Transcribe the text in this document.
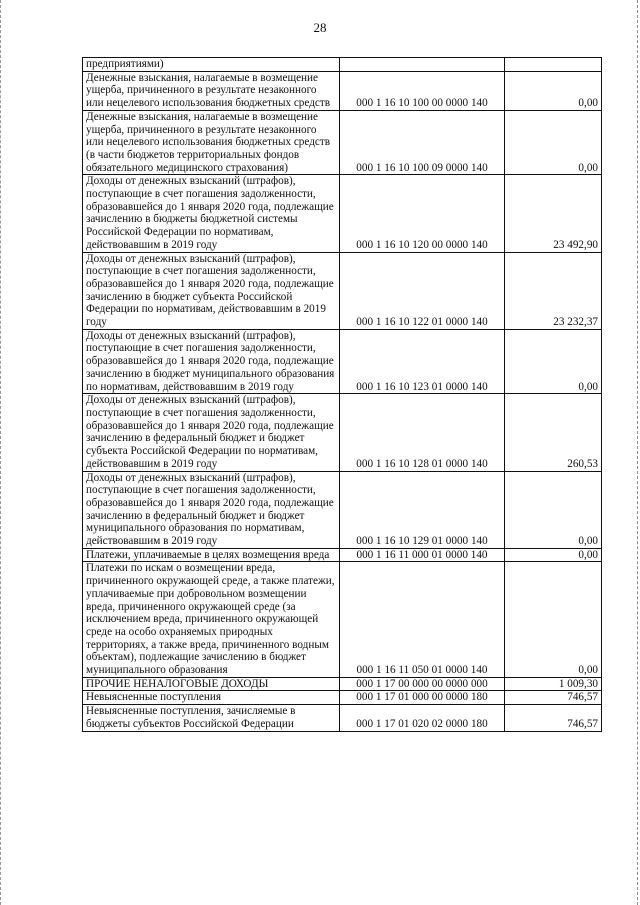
28
предприятиями)		
Денежные взыскания, налагаемые в возмещение ущерба, причиненного в результате незаконного или нецелевого использования бюджетных средств	000 1 16 10 100 00 0000 140	0,00
Денежные взыскания, налагаемые в возмещение ущерба, причиненного в результате незаконного или нецелевого использования бюджетных средств (в части бюджетов территориальных фондов обязательного медицинского страхования)	000 1 16 10 100 09 0000 140	0,00
Доходы от денежных взысканий (штрафов), поступающие в счет погашения задолженности, образовавшейся до 1 января 2020 года, подлежащие зачислению в бюджеты бюджетной системы Российской Федерации по нормативам, действовавшим в 2019 году	000 1 16 10 120 00 0000 140	23 492,90
Доходы от денежных взысканий (штрафов), поступающие в счет погашения задолженности, образовавшейся до 1 января 2020 года, подлежащие зачислению в бюджет субъекта Российской Федерации по нормативам, действовавшим в 2019 году	000 1 16 10 122 01 0000 140	23 232,37
Доходы от денежных взысканий (штрафов), поступающие в счет погашения задолженности, образовавшейся до 1 января 2020 года, подлежащие зачислению в бюджет муниципального образования по нормативам, действовавшим в 2019 году	000 1 16 10 123 01 0000 140	0,00
Доходы от денежных взысканий (штрафов), поступающие в счет погашения задолженности, образовавшейся до 1 января 2020 года, подлежащие зачислению в федеральный бюджет и бюджет субъекта Российской Федерации по нормативам, действовавшим в 2019 году	000 1 16 10 128 01 0000 140	260,53
Доходы от денежных взысканий (штрафов), поступающие в счет погашения задолженности, образовавшейся до 1 января 2020 года, подлежащие зачислению в федеральный бюджет и бюджет муниципального образования по нормативам, действовавшим в 2019 году	000 1 16 10 129 01 0000 140	0,00
Платежи, уплачиваемые в целях возмещения вреда	000 1 16 11 000 01 0000 140	0,00
Платежи по искам о возмещении вреда, причиненного окружающей среде, а также платежи, уплачиваемые при добровольном возмещении вреда, причиненного окружающей среде (за исключением вреда, причиненного окружающей среде на особо охраняемых природных территориях, а также вреда, причиненного водным объектам), подлежащие зачислению в бюджет муниципального образования	000 1 16 11 050 01 0000 140	0,00
ПРОЧИЕ НЕНАЛОГОВЫЕ ДОХОДЫ	000 1 17 00 000 00 0000 000	1 009,30
Невыясненные поступления	000 1 17 01 000 00 0000 180	746,57
Невыясненные поступления, зачисляемые в бюджеты субъектов Российской Федерации	000 1 17 01 020 02 0000 180	746,57
